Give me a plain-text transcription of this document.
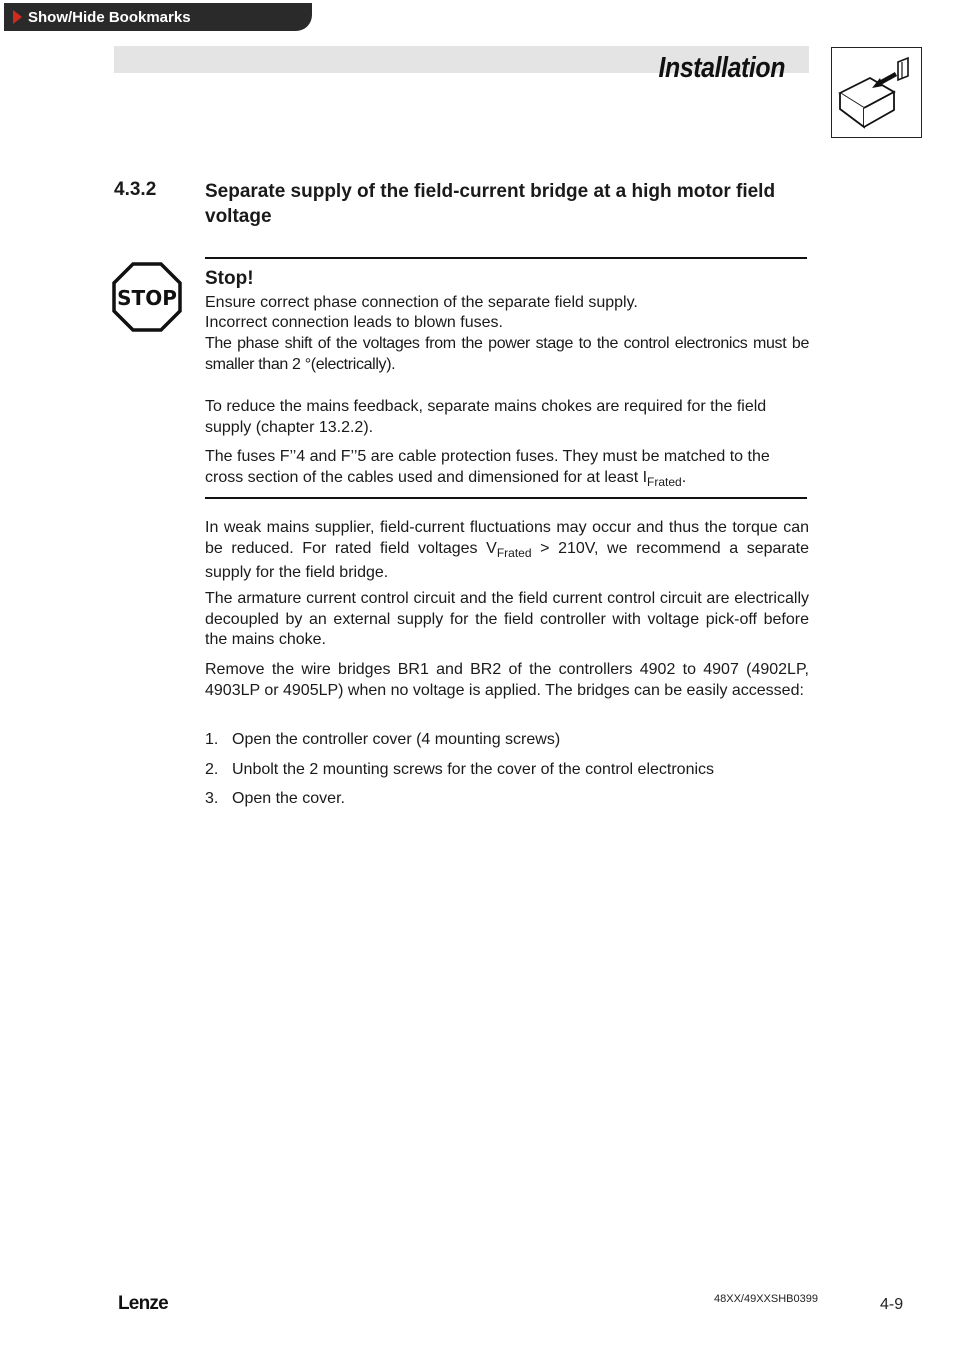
Show/Hide Bookmarks
Installation
4.3.2	Separate supply of the field-current bridge at a high motor field voltage
STOP
Stop!
Ensure correct phase connection of the separate field supply.
Incorrect connection leads to blown fuses.
The phase shift of the voltages from the power stage to the control electronics must be smaller than 2 °(electrically).
To reduce the mains feedback, separate mains chokes are required for the field supply (chapter 13.2.2).
The fuses F’’4 and F’’5 are cable protection fuses. They must be matched to the cross section of the cables used and dimensioned for at least $I_{Frated}$.
In weak mains supplier, field-current fluctuations may occur and thus the torque can be reduced. For rated field voltages $V_{Frated} > 210V$, we recommend a separate supply for the field bridge.
The armature current control circuit and the field current control circuit are electrically decoupled by an external supply for the field controller with voltage pick-off before the mains choke.
Remove the wire bridges BR1 and BR2 of the controllers 4902 to 4907 (4902LP, 4903LP or 4905LP) when no voltage is applied. The bridges can be easily accessed:
1. Open the controller cover (4 mounting screws)
2. Unbolt the 2 mounting screws for the cover of the control electronics
3. Open the cover.
Lenze	48XX/49XXSHB0399	4-9
